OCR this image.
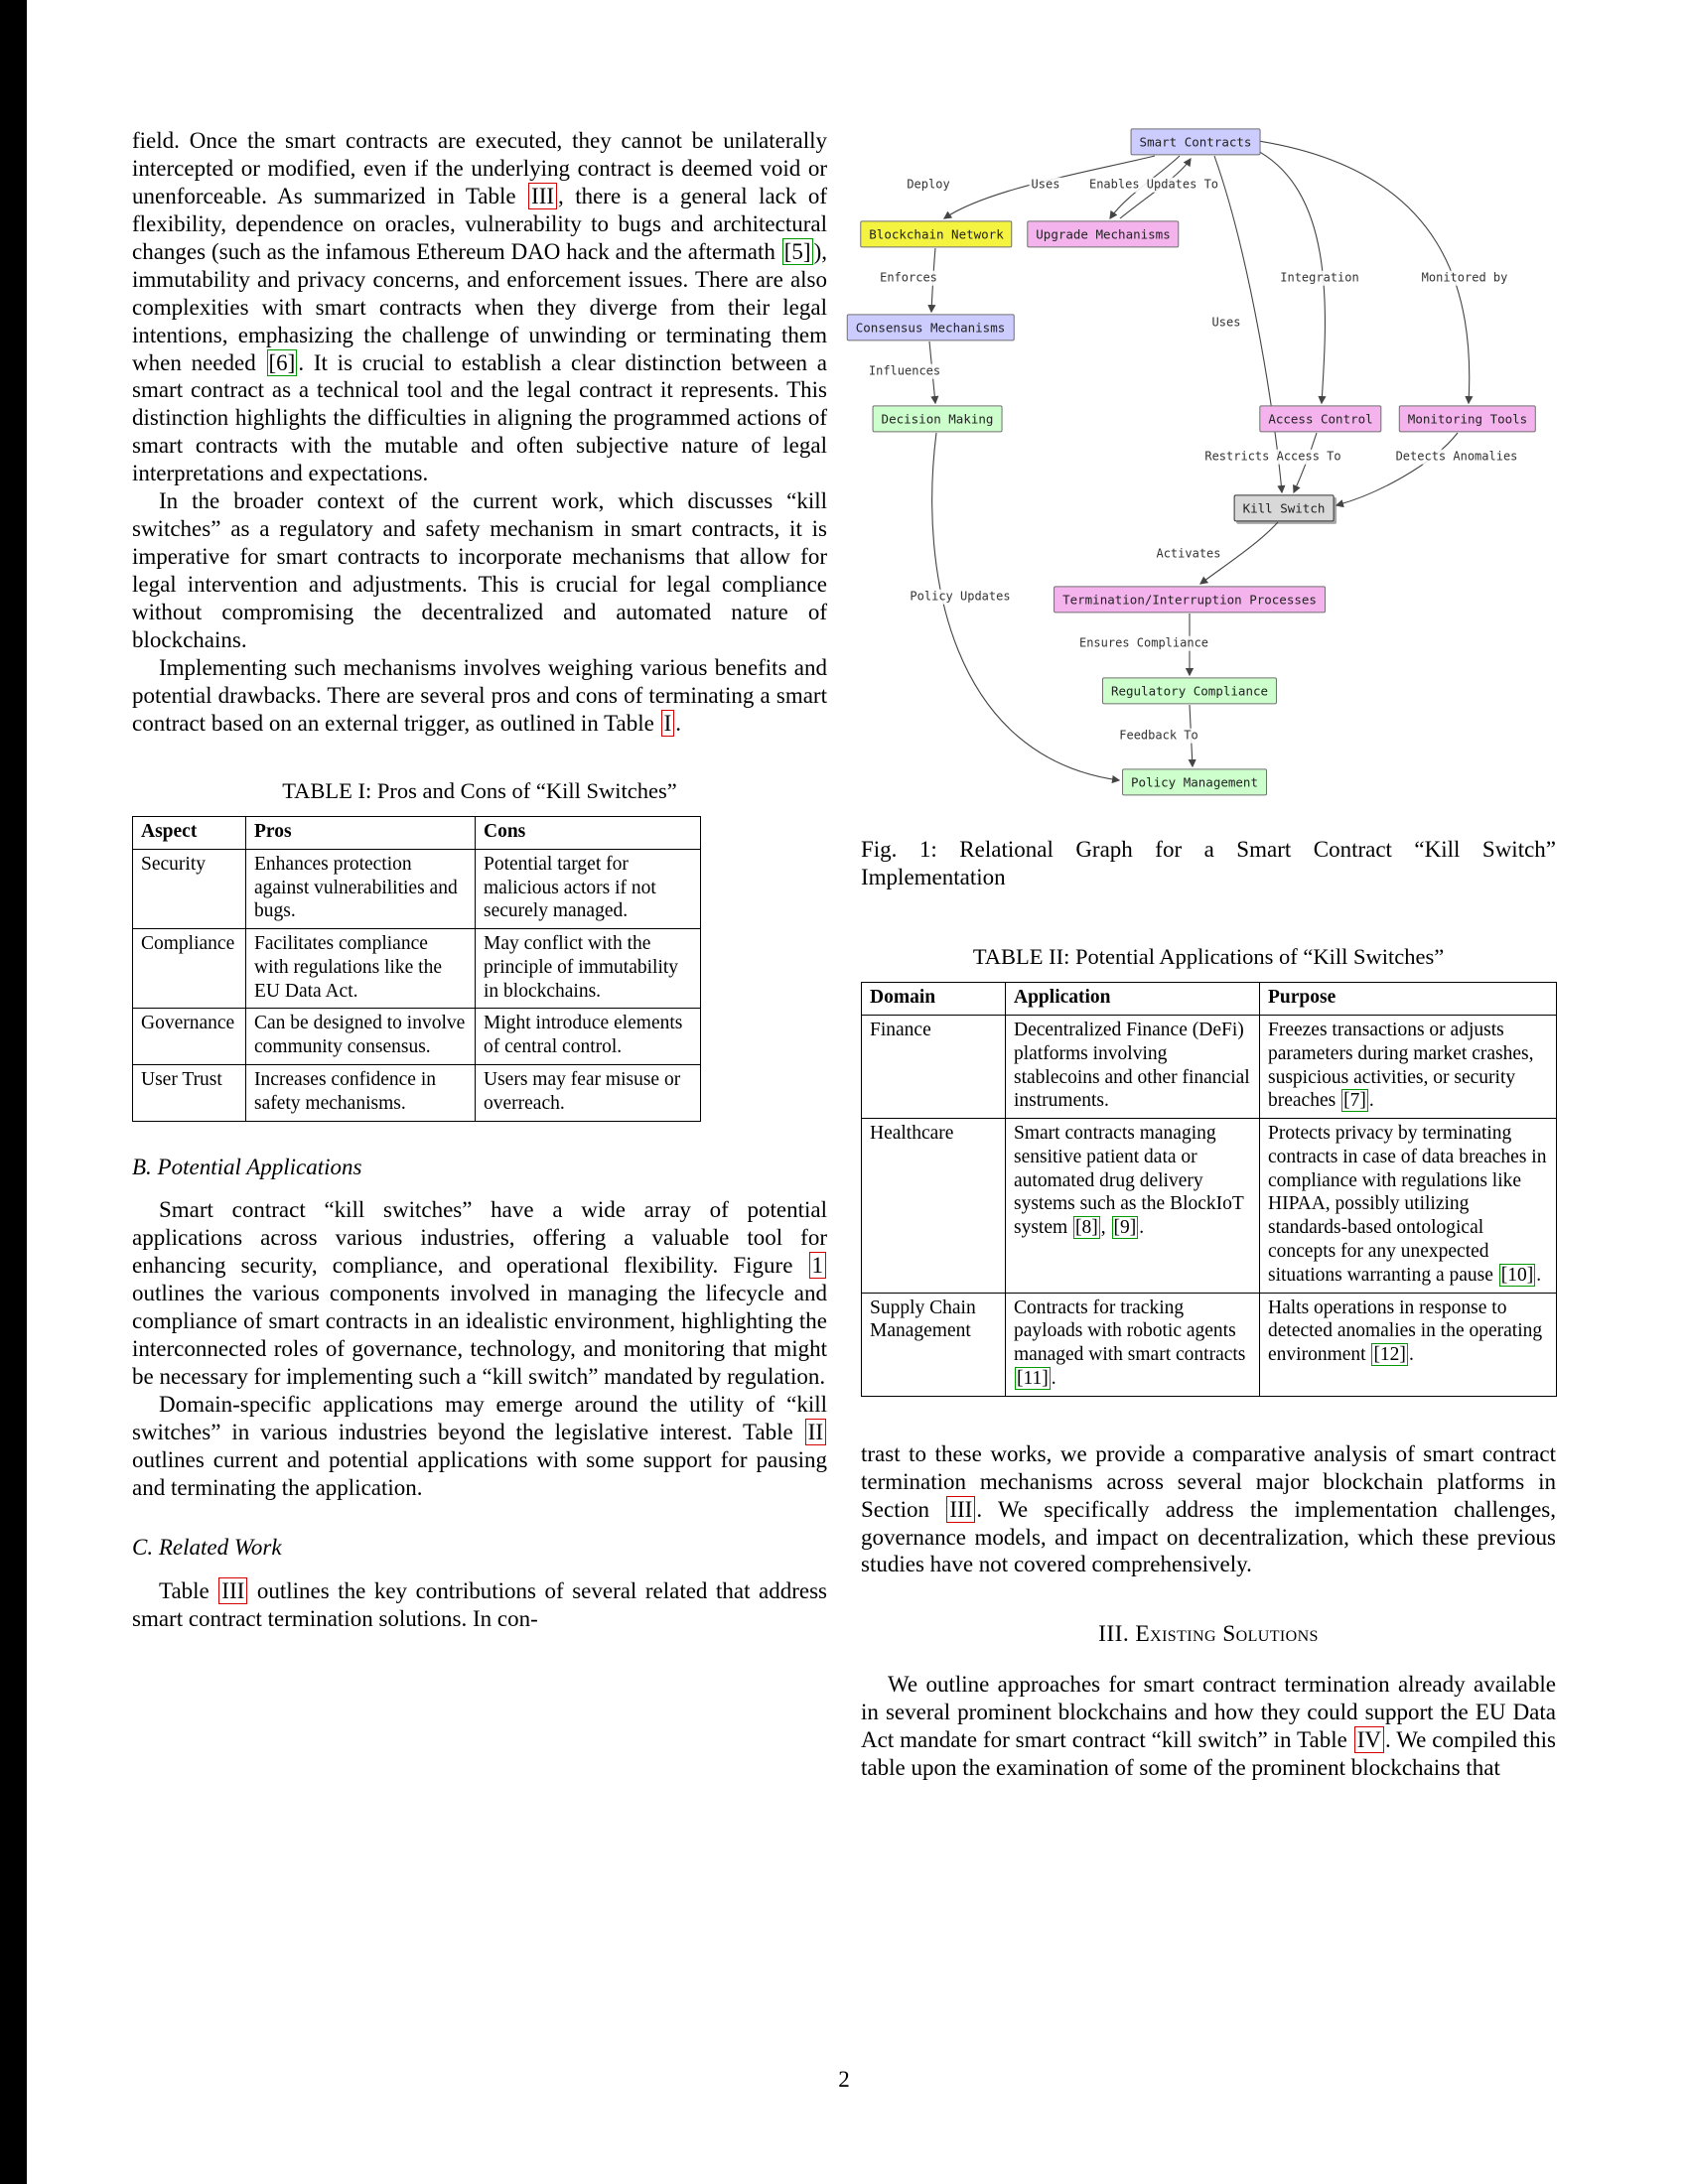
field. Once the smart contracts are executed, they cannot be unilaterally intercepted or modified, even if the underlying contract is deemed void or unenforceable. As summarized in Table III , there is a general lack of flexibility, dependence on oracles, vulnerability to bugs and architectural changes (such as the infamous Ethereum DAO hack and the aftermath [5] ), immutability and privacy concerns, and enforcement issues. There are also complexities with smart contracts when they diverge from their legal intentions, emphasizing the challenge of unwinding or terminating them when needed [6] . It is crucial to establish a clear distinction between a smart contract as a technical tool and the legal contract it represents. This distinction highlights the difficulties in aligning the programmed actions of smart contracts with the mutable and often subjective nature of legal interpretations and expectations.

In the broader context of the current work, which discusses “kill switches” as a regulatory and safety mechanism in smart contracts, it is imperative for smart contracts to incorporate mechanisms that allow for legal intervention and adjustments. This is crucial for legal compliance without compromising the decentralized and automated nature of blockchains.

Implementing such mechanisms involves weighing various benefits and potential drawbacks. There are several pros and cons of terminating a smart contract based on an external trigger, as outlined in Table I .

TABLE I: Pros and Cons of “Kill Switches”
Aspect	Pros	Cons
Security	Enhances protection against vulnerabilities and bugs.	Potential target for malicious actors if not securely managed.
Compliance	Facilitates compliance with regulations like the EU Data Act.	May conflict with the principle of immutability in blockchains.
Governance	Can be designed to involve community consensus.	Might introduce elements of central control.
User Trust	Increases confidence in safety mechanisms.	Users may fear misuse or overreach.
B. Potential Applications

Smart contract “kill switches” have a wide array of potential applications across various industries, offering a valuable tool for enhancing security, compliance, and operational flexibility. Figure 1 outlines the various components involved in managing the lifecycle and compliance of smart contracts in an idealistic environment, highlighting the interconnected roles of governance, technology, and monitoring that might be necessary for implementing such a “kill switch” mandated by regulation.

Domain-specific applications may emerge around the utility of “kill switches” in various industries beyond the legislative interest. Table II outlines current and potential applications with some support for pausing and terminating the application.

C. Related Work

Table III outlines the key contributions of several related that address smart contract termination solutions. In con-

Deploy	Uses Enables Updates To
Enforces
Influences
Integration	Monitored by
Uses
Restricts Access To	Detects Anomalies
Activates
Policy Updates
Ensures Compliance
Feedback To
Smart Contracts
Blockchain Network	Upgrade Mechanisms
Consensus Mechanisms
Decision Making	Access Control	Monitoring Tools
Kill Switch
Termination/Interruption Processes
Regulatory Compliance
Policy Management

Fig. 1: Relational Graph for a Smart Contract “Kill Switch” Implementation

TABLE II: Potential Applications of “Kill Switches”
Domain	Application	Purpose
Finance	Decentralized Finance (DeFi) platforms involving stablecoins and other financial instruments.	Freezes transactions or adjusts parameters during market crashes, suspicious activities, or security breaches [7] .
Healthcare	Smart contracts managing sensitive patient data or automated drug delivery systems such as the BlockIoT system [8] , [9] .	Protects privacy by terminating contracts in case of data breaches in compliance with regulations like HIPAA, possibly utilizing standards-based ontological concepts for any unexpected situations warranting a pause [10] .
Supply Chain Management	Contracts for tracking payloads with robotic agents managed with smart contracts [11] .	Halts operations in response to detected anomalies in the operating environment [12] .

trast to these works, we provide a comparative analysis of smart contract termination mechanisms across several major blockchain platforms in Section III . We specifically address the implementation challenges, governance models, and impact on decentralization, which these previous studies have not covered comprehensively.

III. Existing Solutions

We outline approaches for smart contract termination already available in several prominent blockchains and how they could support the EU Data Act mandate for smart contract “kill switch” in Table IV . We compiled this table upon the examination of some of the prominent blockchains that

2
